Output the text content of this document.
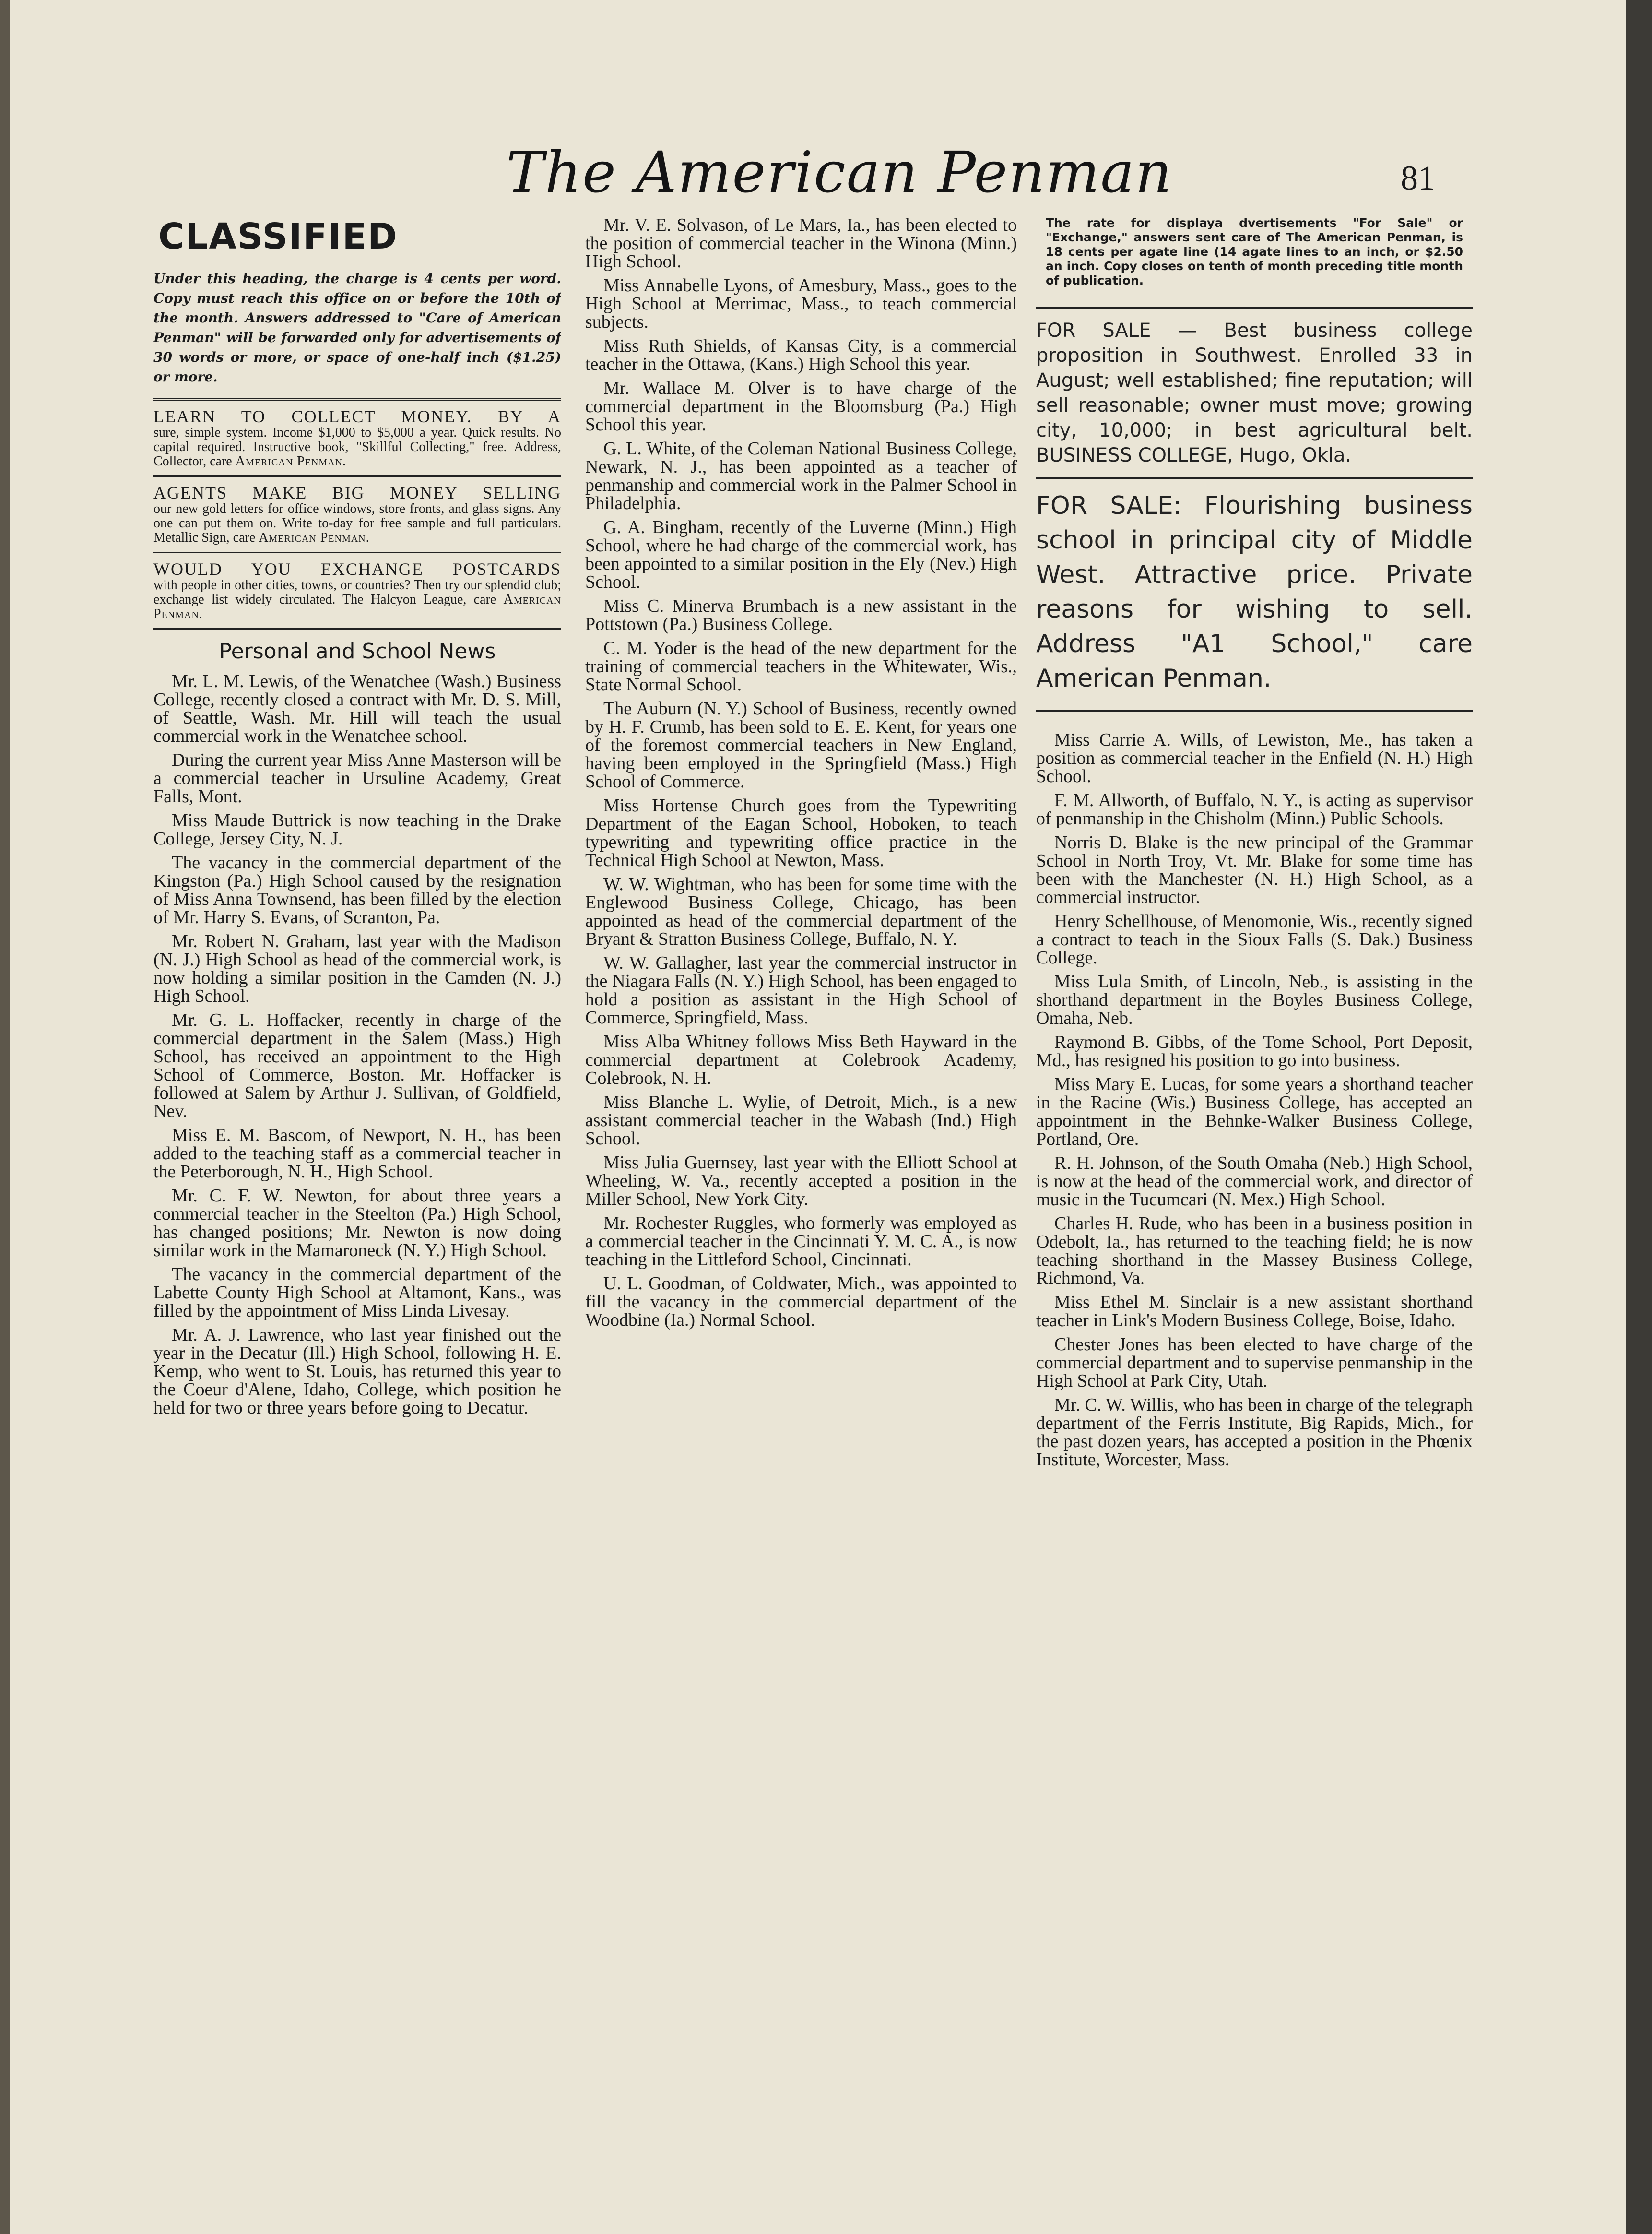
The American Penman	81
CLASSIFIED
Under this heading, the charge is 4 cents per word. Copy must reach this office on or before the 10th of the month. Answers addressed to "Care of American Penman" will be forwarded only for advertisements of 30 words or more, or space of one-half inch ($1.25) or more.
LEARN TO COLLECT MONEY. BY A
sure, simple system. Income $1,000 to $5,000 a year. Quick results. No capital required. Instructive book, "Skillful Collecting," free. Address, Collector, care American Penman.
AGENTS MAKE BIG MONEY SELLING
our new gold letters for office windows, store fronts, and glass signs. Any one can put them on. Write to-day for free sample and full particulars. Metallic Sign, care American Penman.
WOULD YOU EXCHANGE POSTCARDS
with people in other cities, towns, or countries? Then try our splendid club; exchange list widely circulated. The Halcyon League, care American Penman.
Personal and School News

Mr. L. M. Lewis, of the Wenatchee (Wash.) Business College, recently closed a contract with Mr. D. S. Mill, of Seattle, Wash. Mr. Hill will teach the usual commercial work in the Wenatchee school.

During the current year Miss Anne Masterson will be a commercial teacher in Ursuline Academy, Great Falls, Mont.

Miss Maude Buttrick is now teaching in the Drake College, Jersey City, N. J.

The vacancy in the commercial department of the Kingston (Pa.) High School caused by the resignation of Miss Anna Townsend, has been filled by the election of Mr. Harry S. Evans, of Scranton, Pa.

Mr. Robert N. Graham, last year with the Madison (N. J.) High School as head of the commercial work, is now holding a similar position in the Camden (N. J.) High School.

Mr. G. L. Hoffacker, recently in charge of the commercial department in the Salem (Mass.) High School, has received an appointment to the High School of Commerce, Boston. Mr. Hoffacker is followed at Salem by Arthur J. Sullivan, of Goldfield, Nev.

Miss E. M. Bascom, of Newport, N. H., has been added to the teaching staff as a commercial teacher in the Peterborough, N. H., High School.

Mr. C. F. W. Newton, for about three years a commercial teacher in the Steelton (Pa.) High School, has changed positions; Mr. Newton is now doing similar work in the Mamaroneck (N. Y.) High School.

The vacancy in the commercial department of the Labette County High School at Altamont, Kans., was filled by the appointment of Miss Linda Livesay.

Mr. A. J. Lawrence, who last year finished out the year in the Decatur (Ill.) High School, following H. E. Kemp, who went to St. Louis, has returned this year to the Coeur d'Alene, Idaho, College, which position he held for two or three years before going to Decatur.

Mr. V. E. Solvason, of Le Mars, Ia., has been elected to the position of commercial teacher in the Winona (Minn.) High School.

Miss Annabelle Lyons, of Amesbury, Mass., goes to the High School at Merrimac, Mass., to teach commercial subjects.

Miss Ruth Shields, of Kansas City, is a commercial teacher in the Ottawa, (Kans.) High School this year.

Mr. Wallace M. Olver is to have charge of the commercial department in the Bloomsburg (Pa.) High School this year.

G. L. White, of the Coleman National Business College, Newark, N. J., has been appointed as a teacher of penmanship and commercial work in the Palmer School in Philadelphia.

G. A. Bingham, recently of the Luverne (Minn.) High School, where he had charge of the commercial work, has been appointed to a similar position in the Ely (Nev.) High School.

Miss C. Minerva Brumbach is a new assistant in the Pottstown (Pa.) Business College.

C. M. Yoder is the head of the new department for the training of commercial teachers in the Whitewater, Wis., State Normal School.

The Auburn (N. Y.) School of Business, recently owned by H. F. Crumb, has been sold to E. E. Kent, for years one of the foremost commercial teachers in New England, having been employed in the Springfield (Mass.) High School of Commerce.

Miss Hortense Church goes from the Typewriting Department of the Eagan School, Hoboken, to teach typewriting and typewriting office practice in the Technical High School at Newton, Mass.

W. W. Wightman, who has been for some time with the Englewood Business College, Chicago, has been appointed as head of the commercial department of the Bryant & Stratton Business College, Buffalo, N. Y.

W. W. Gallagher, last year the commercial instructor in the Niagara Falls (N. Y.) High School, has been engaged to hold a position as assistant in the High School of Commerce, Springfield, Mass.

Miss Alba Whitney follows Miss Beth Hayward in the commercial department at Colebrook Academy, Colebrook, N. H.

Miss Blanche L. Wylie, of Detroit, Mich., is a new assistant commercial teacher in the Wabash (Ind.) High School.

Miss Julia Guernsey, last year with the Elliott School at Wheeling, W. Va., recently accepted a position in the Miller School, New York City.

Mr. Rochester Ruggles, who formerly was employed as a commercial teacher in the Cincinnati Y. M. C. A., is now teaching in the Littleford School, Cincinnati.

U. L. Goodman, of Coldwater, Mich., was appointed to fill the vacancy in the commercial department of the Woodbine (Ia.) Normal School.

The rate for displaya dvertisements "For Sale" or "Exchange," answers sent care of The American Penman, is 18 cents per agate line (14 agate lines to an inch, or $2.50 an inch. Copy closes on tenth of month preceding title month of publication.
FOR SALE — Best business college proposition in Southwest. Enrolled 33 in August; well established; fine reputation; will sell reasonable; owner must move; growing city, 10,000; in best agricultural belt. BUSINESS COLLEGE, Hugo, Okla.
FOR SALE: Flourishing business school in principal city of Middle West. Attractive price. Private reasons for wishing to sell. Address "A1 School," care American Penman.

Miss Carrie A. Wills, of Lewiston, Me., has taken a position as commercial teacher in the Enfield (N. H.) High School.

F. M. Allworth, of Buffalo, N. Y., is acting as supervisor of penmanship in the Chisholm (Minn.) Public Schools.

Norris D. Blake is the new principal of the Grammar School in North Troy, Vt. Mr. Blake for some time has been with the Manchester (N. H.) High School, as a commercial instructor.

Henry Schellhouse, of Menomonie, Wis., recently signed a contract to teach in the Sioux Falls (S. Dak.) Business College.

Miss Lula Smith, of Lincoln, Neb., is assisting in the shorthand department in the Boyles Business College, Omaha, Neb.

Raymond B. Gibbs, of the Tome School, Port Deposit, Md., has resigned his position to go into business.

Miss Mary E. Lucas, for some years a shorthand teacher in the Racine (Wis.) Business College, has accepted an appointment in the Behnke-Walker Business College, Portland, Ore.

R. H. Johnson, of the South Omaha (Neb.) High School, is now at the head of the commercial work, and director of music in the Tucumcari (N. Mex.) High School.

Charles H. Rude, who has been in a business position in Odebolt, Ia., has returned to the teaching field; he is now teaching shorthand in the Massey Business College, Richmond, Va.

Miss Ethel M. Sinclair is a new assistant shorthand teacher in Link's Modern Business College, Boise, Idaho.

Chester Jones has been elected to have charge of the commercial department and to supervise penmanship in the High School at Park City, Utah.

Mr. C. W. Willis, who has been in charge of the telegraph department of the Ferris Institute, Big Rapids, Mich., for the past dozen years, has accepted a position in the Phœnix Institute, Worcester, Mass.
